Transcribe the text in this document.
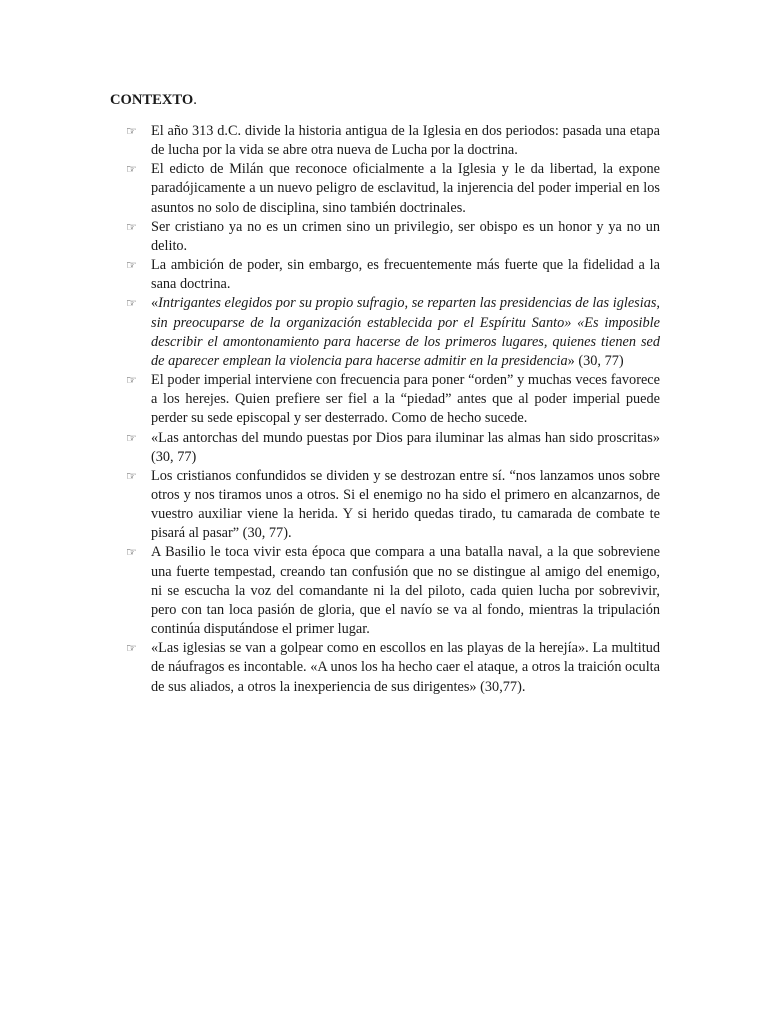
CONTEXTO.
☞ El año 313 d.C. divide la historia antigua de la Iglesia en dos periodos: pasada una etapa de lucha por la vida se abre otra nueva de Lucha por la doctrina.
☞ El edicto de Milán que reconoce oficialmente a la Iglesia y le da libertad, la expone paradójicamente a un nuevo peligro de esclavitud, la injerencia del poder imperial en los asuntos no solo de disciplina, sino también doctrinales.
☞ Ser cristiano ya no es un crimen sino un privilegio, ser obispo es un honor y ya no un delito.
☞ La ambición de poder, sin embargo, es frecuentemente más fuerte que la fidelidad a la sana doctrina.
☞ «Intrigantes elegidos por su propio sufragio, se reparten las presidencias de las iglesias, sin preocuparse de la organización establecida por el Espíritu Santo» «Es imposible describir el amontonamiento para hacerse de los primeros lugares, quienes tienen sed de aparecer emplean la violencia para hacerse admitir en la presidencia» (30, 77)
☞ El poder imperial interviene con frecuencia para poner “orden” y muchas veces favorece a los herejes. Quien prefiere ser fiel a la “piedad” antes que al poder imperial puede perder su sede episcopal y ser desterrado. Como de hecho sucede.
☞ «Las antorchas del mundo puestas por Dios para iluminar las almas han sido proscritas» (30, 77)
☞ Los cristianos confundidos se dividen y se destrozan entre sí. “nos lanzamos unos sobre otros y nos tiramos unos a otros. Si el enemigo no ha sido el primero en alcanzarnos, de vuestro auxiliar viene la herida. Y si herido quedas tirado, tu camarada de combate te pisará al pasar” (30, 77).
☞ A Basilio le toca vivir esta época que compara a una batalla naval, a la que sobreviene una fuerte tempestad, creando tan confusión que no se distingue al amigo del enemigo, ni se escucha la voz del comandante ni la del piloto, cada quien lucha por sobrevivir, pero con tan loca pasión de gloria, que el navío se va al fondo, mientras la tripulación continúa disputándose el primer lugar.
☞ «Las iglesias se van a golpear como en escollos en las playas de la herejía». La multitud de náufragos es incontable. «A unos los ha hecho caer el ataque, a otros la traición oculta de sus aliados, a otros la inexperiencia de sus dirigentes» (30,77).
